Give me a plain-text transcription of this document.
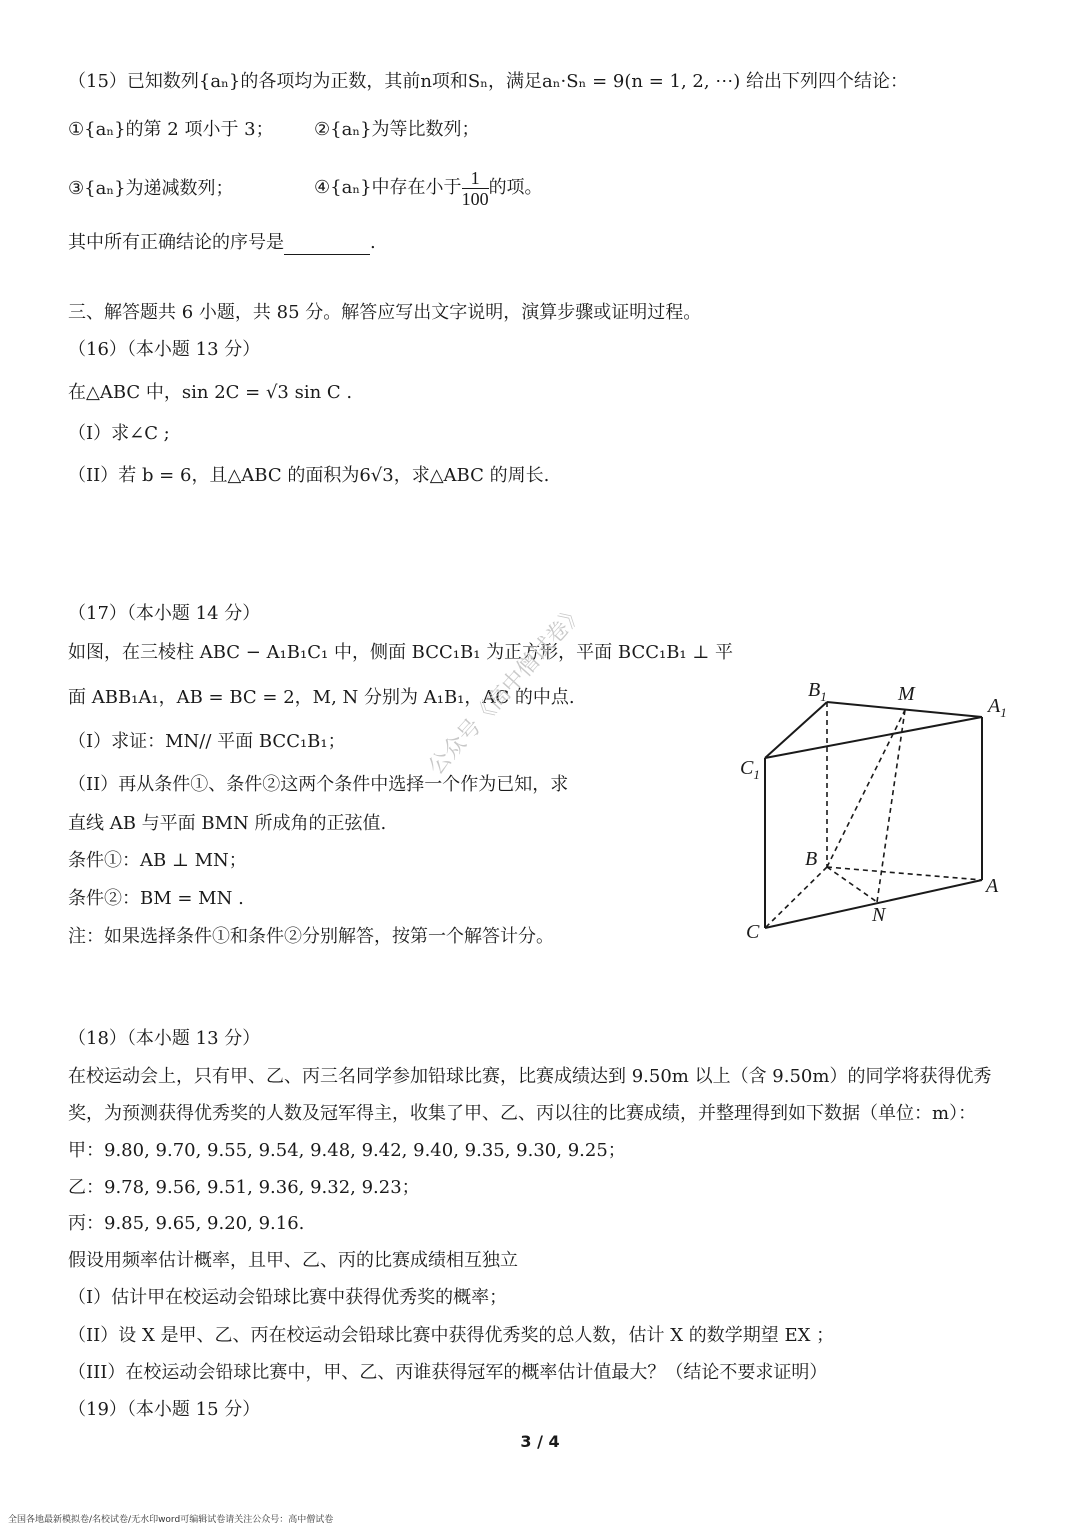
（15）已知数列{aₙ}的各项均为正数，其前n项和Sₙ，满足aₙ·Sₙ = 9(n = 1, 2, ⋯) 给出下列四个结论：
①{aₙ}的第 2 项小于 3； ②{aₙ}为等比数列；
③{aₙ}为递减数列；	④{aₙ}中存在小于 $\frac{1}{100}$ 的项。
其中所有正确结论的序号是	.
三、解答题共 6 小题，共 85 分。解答应写出文字说明，演算步骤或证明过程。
（16）（本小题 13 分）
在△ABC 中，sin 2C = √3 sin C .
（I）求∠C ;
（II）若 b = 6，且△ABC 的面积为6√3，求△ABC 的周长.
（17）（本小题 14 分）
如图，在三棱柱 ABC − A₁B₁C₁ 中，侧面 BCC₁B₁ 为正方形，平面 BCC₁B₁ ⊥ 平
面 ABB₁A₁，AB = BC = 2，M, N 分别为 A₁B₁，AC 的中点.
（I）求证：MN// 平面 BCC₁B₁；
（II）再从条件①、条件②这两个条件中选择一个作为已知，求
直线 AB 与平面 BMN 所成角的正弦值.
条件①：AB ⊥ MN；
条件②：BM = MN .
注：如果选择条件①和条件②分别解答，按第一个解答计分。
公众号《高中僧试卷》	$B_1$	M
$A_1$
$C_1$
B
A
N
C
（18）（本小题 13 分）
在校运动会上，只有甲、乙、丙三名同学参加铅球比赛，比赛成绩达到 9.50m 以上（含 9.50m）的同学将获得优秀
奖，为预测获得优秀奖的人数及冠军得主，收集了甲、乙、丙以往的比赛成绩，并整理得到如下数据（单位：m）：
甲：9.80, 9.70, 9.55, 9.54, 9.48, 9.42, 9.40, 9.35, 9.30, 9.25；
乙：9.78, 9.56, 9.51, 9.36, 9.32, 9.23；
丙：9.85, 9.65, 9.20, 9.16.
假设用频率估计概率，且甲、乙、丙的比赛成绩相互独立
（I）估计甲在校运动会铅球比赛中获得优秀奖的概率；
（II）设 X 是甲、乙、丙在校运动会铅球比赛中获得优秀奖的总人数，估计 X 的数学期望 EX ；
（III）在校运动会铅球比赛中，甲、乙、丙谁获得冠军的概率估计值最大？（结论不要求证明）
（19）（本小题 15 分）
3 / 4
全国各地最新模拟卷/名校试卷/无水印word可编辑试卷请关注公众号：高中僧试卷
